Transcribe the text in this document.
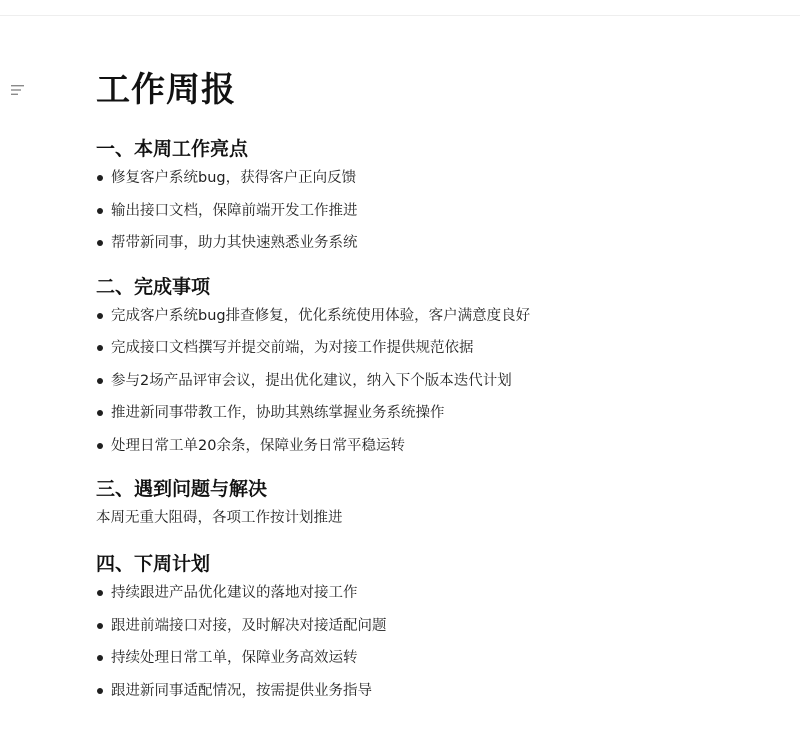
工作周报
一、本周工作亮点
修复客户系统bug，获得客户正向反馈
输出接口文档，保障前端开发工作推进
帮带新同事，助力其快速熟悉业务系统
二、完成事项
完成客户系统bug排查修复，优化系统使用体验，客户满意度良好
完成接口文档撰写并提交前端，为对接工作提供规范依据
参与2场产品评审会议，提出优化建议，纳入下个版本迭代计划
推进新同事带教工作，协助其熟练掌握业务系统操作
处理日常工单20余条，保障业务日常平稳运转
三、遇到问题与解决

本周无重大阻碍，各项工作按计划推进

四、下周计划
持续跟进产品优化建议的落地对接工作
跟进前端接口对接，及时解决对接适配问题
持续处理日常工单，保障业务高效运转
跟进新同事适配情况，按需提供业务指导
